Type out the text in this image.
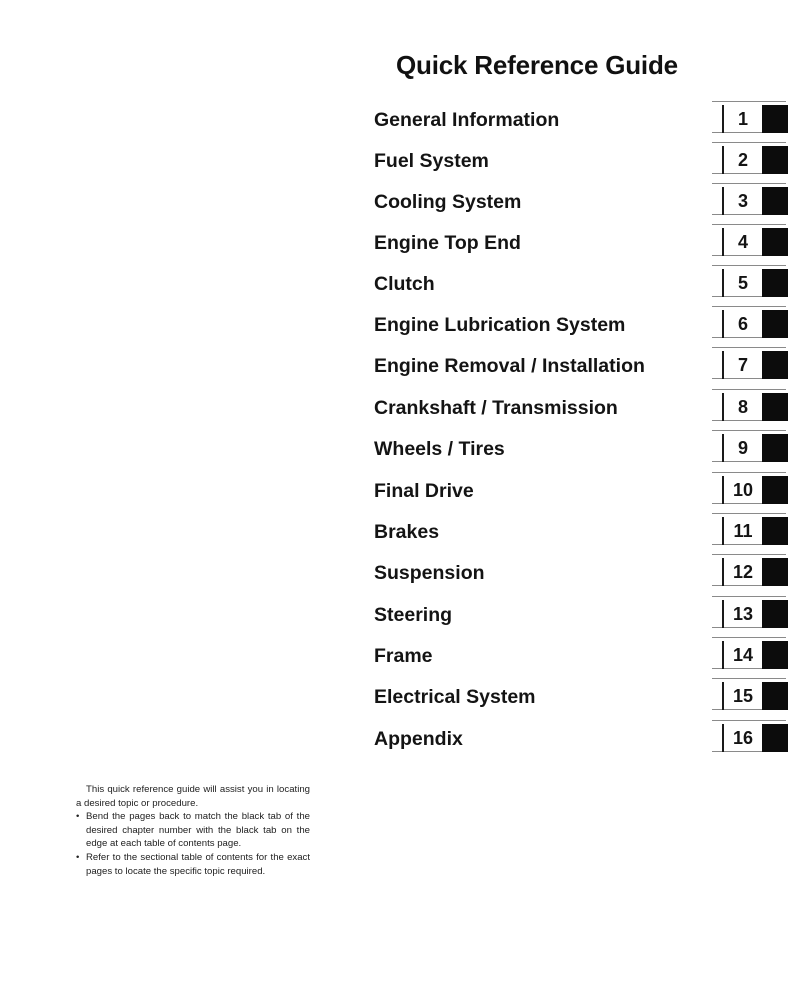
Quick Reference Guide
General Information	1
Fuel System	2
Cooling System	3
Engine Top End	4
Clutch	5
Engine Lubrication System	6
Engine Removal / Installation	7
Crankshaft / Transmission	8
Wheels / Tires	9
Final Drive	10
Brakes	11
Suspension	12
Steering	13
Frame	14
Electrical System	15
Appendix	16

This quick reference guide will assist you in locating a desired topic or procedure.

• Bend the pages back to match the black tab of the desired chapter number with the black tab on the edge at each table of contents page.
• Refer to the sectional table of contents for the exact pages to locate the specific topic required.
